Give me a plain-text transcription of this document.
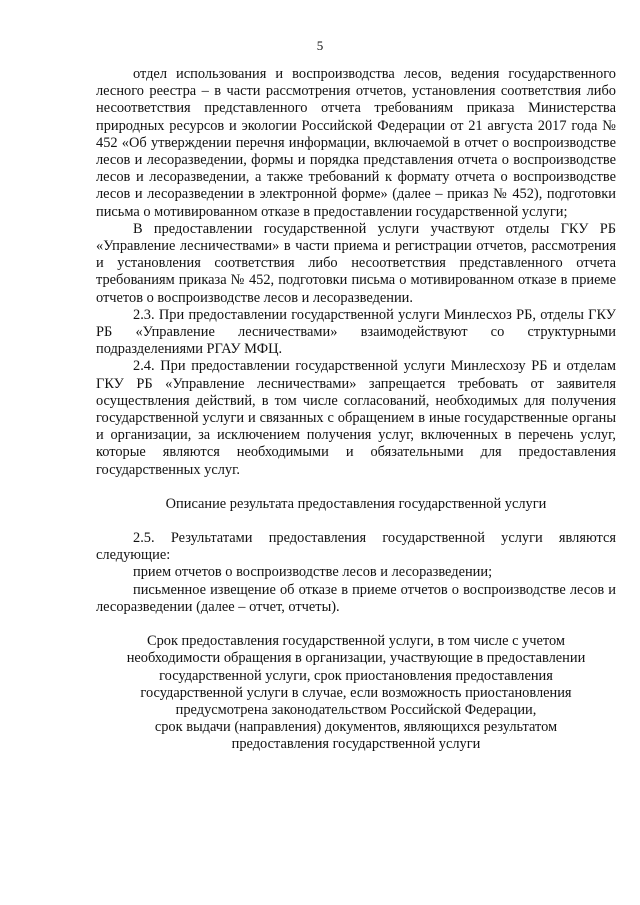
5

отдел использования и воспроизводства лесов, ведения государственного лесного реестра – в части рассмотрения отчетов, установления соответствия либо несоответствия представленного отчета требованиям приказа Министерства природных ресурсов и экологии Российской Федерации от 21 августа 2017 года № 452 «Об утверждении перечня информации, включаемой в отчет о воспроизводстве лесов и лесоразведении, формы и порядка представления отчета о воспроизводстве лесов и лесоразведении, а также требований к формату отчета о воспроизводстве лесов и лесоразведении в электронной форме» (далее – приказ № 452), подготовки письма о мотивированном отказе в предоставлении государственной услуги;

В предоставлении государственной услуги участвуют отделы ГКУ РБ «Управление лесничествами» в части приема и регистрации отчетов, рассмотрения и установления соответствия либо несоответствия представленного отчета требованиям приказа № 452, подготовки письма о мотивированном отказе в приеме отчетов о воспроизводстве лесов и лесоразведении.

2.3. При предоставлении государственной услуги Минлесхоз РБ, отделы ГКУ РБ «Управление лесничествами» взаимодействуют со структурными подразделениями РГАУ МФЦ.

2.4. При предоставлении государственной услуги Минлесхозу РБ и отделам ГКУ РБ «Управление лесничествами» запрещается требовать от заявителя осуществления действий, в том числе согласований, необходимых для получения государственной услуги и связанных с обращением в иные государственные органы и организации, за исключением получения услуг, включенных в перечень услуг, которые являются необходимыми и обязательными для предоставления государственных услуг.

Описание результата предоставления государственной услуги

2.5. Результатами предоставления государственной услуги являются следующие:

прием отчетов о воспроизводстве лесов и лесоразведении;

письменное извещение об отказе в приеме отчетов о воспроизводстве лесов и лесоразведении (далее – отчет, отчеты).

Срок предоставления государственной услуги, в том числе с учетом

необходимости обращения в организации, участвующие в предоставлении

государственной услуги, срок приостановления предоставления

государственной услуги в случае, если возможность приостановления

предусмотрена законодательством Российской Федерации,

срок выдачи (направления) документов, являющихся результатом

предоставления государственной услуги
